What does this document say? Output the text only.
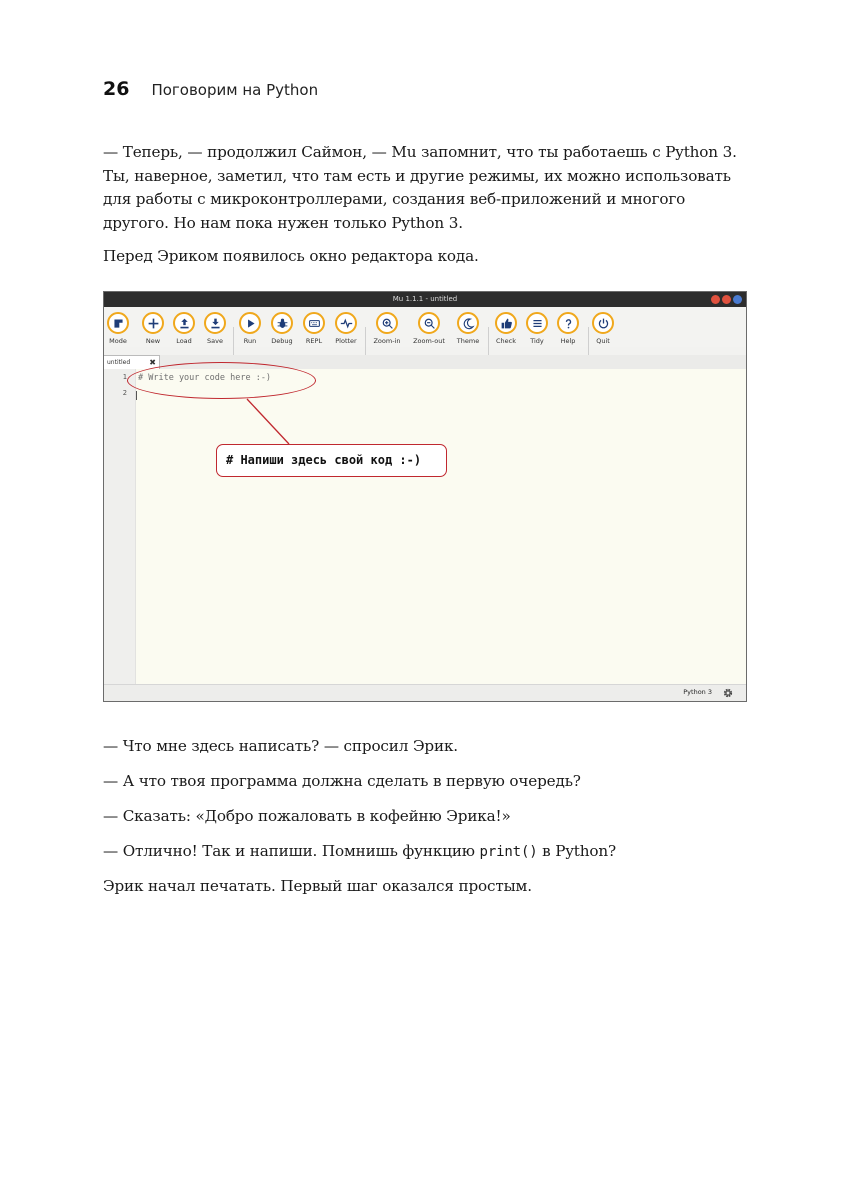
26 Поговорим на Python

— Теперь, — продолжил Саймон, — Mu запомнит, что ты работаешь с Python 3. Ты, наверное, заметил, что там есть и другие режимы, их можно использовать для работы с микроконтроллерами, создания веб-приложений и многого другого. Но нам пока нужен только Python 3.

Перед Эриком появилось окно редактора кода.

Mu 1.1.1 - untitled
Mode	New Load Save	Run Debug REPL Plotter	Zoom-in Zoom-out Theme	Check Tidy	Help	Quit
untitled ✖
1
2
# Write your code here :-)
Python 3
# Напиши здесь свой код :-)

— Что мне здесь написать? — спросил Эрик.

— А что твоя программа должна сделать в первую очередь?

— Сказать: «Добро пожаловать в кофейню Эрика!»

— Отлично! Так и напиши. Помнишь функцию print() в Python?

Эрик начал печатать. Первый шаг оказался простым.
